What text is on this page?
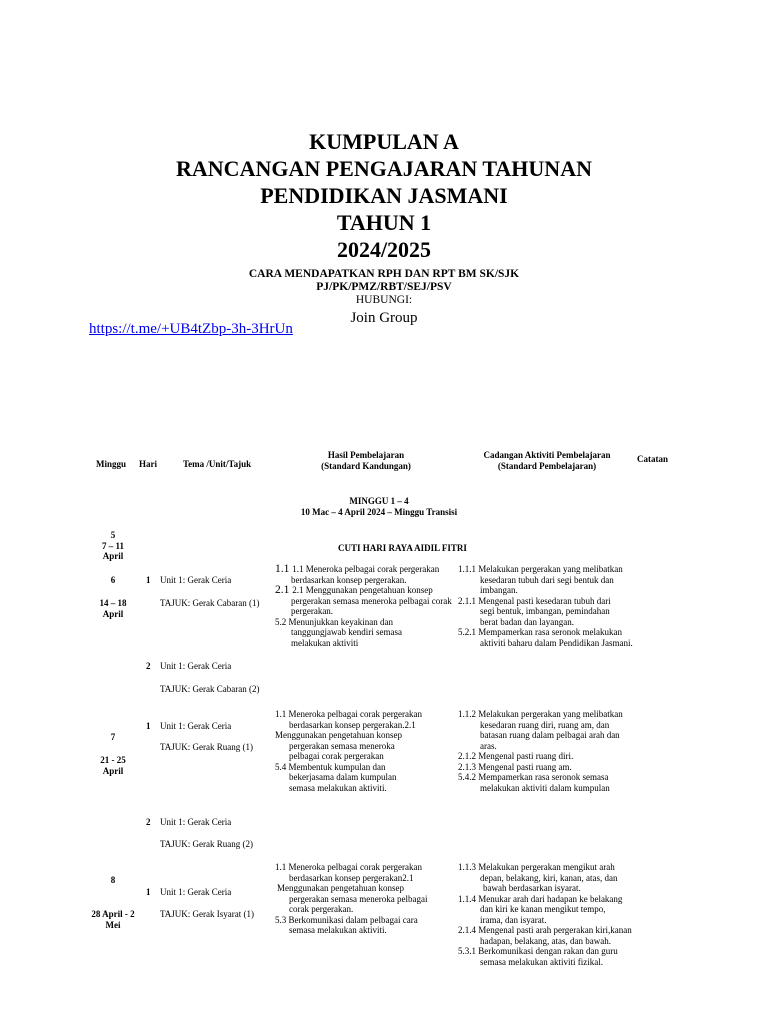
KUMPULAN A
RANCANGAN PENGAJARAN TAHUNAN
PENDIDIKAN JASMANI
TAHUN 1
2024/2025
CARA MENDAPATKAN RPH DAN RPT BM SK/SJK
PJ/PK/PMZ/RBT/SEJ/PSV
HUBUNGI:
Join Group
https://t.me/+UB4tZbp-3h-3HrUn
Minggu Hari	Tema /Unit/Tajuk
Hasil Pembelajaran
(Standard Kandungan)
Cadangan Aktiviti Pembelajaran
(Standard Pembelajaran)
Catatan
MINGGU 1 – 4
10 Mac – 4 April 2024 – Minggu Transisi
5
7 – 11
April
CUTI HARI RAYA AIDIL FITRI
6
14 – 18
April
1 Unit 1: Gerak Ceria
TAJUK: Gerak Cabaran (1)
1.1 1.1 Meneroka pelbagai corak pergerakan
berdasarkan konsep pergerakan.
2.1 2.1 Menggunakan pengetahuan konsep
pergerakan semasa meneroka pelbagai corak
pergerakan.
5.2 Menunjukkan keyakinan dan
tanggungjawab kendiri semasa
melakukan aktiviti
1.1.1 Melakukan pergerakan yang melibatkan
kesedaran tubuh dari segi bentuk dan
imbangan.
2.1.1 Mengenal pasti kesedaran tubuh dari
segi bentuk, imbangan, pemindahan
berat badan dan layangan.
5.2.1 Mempamerkan rasa seronok melakukan
aktiviti baharu dalam Pendidikan Jasmani.
2 Unit 1: Gerak Ceria
TAJUK: Gerak Cabaran (2)
7
21 - 25
April
1 Unit 1: Gerak Ceria
TAJUK: Gerak Ruang (1)
1.1 Meneroka pelbagai corak pergerakan
berdasarkan konsep pergerakan.2.1
Menggunakan pengetahuan konsep
pergerakan semasa meneroka
pelbagai corak pergerakan
5.4 Membentuk kumpulan dan
bekerjasama dalam kumpulan
semasa melakukan aktiviti.
1.1.2 Melakukan pergerakan yang melibatkan
kesedaran ruang diri, ruang am, dan
batasan ruang dalam pelbagai arah dan
aras.
2.1.2 Mengenal pasti ruang diri.
2.1.3 Mengenal pasti ruang am.
5.4.2 Mempamerkan rasa seronok semasa
melakukan aktiviti dalam kumpulan
2 Unit 1: Gerak Ceria
TAJUK: Gerak Ruang (2)
8
28 April - 2
Mei
1 Unit 1: Gerak Ceria
TAJUK: Gerak Isyarat (1)
1.1 Meneroka pelbagai corak pergerakan
berdasarkan konsep pergerakan2.1
Menggunakan pengetahuan konsep
pergerakan semasa meneroka pelbagai
corak pergerakan.
5.3 Berkomunikasi dalam pelbagai cara
semasa melakukan aktiviti.
1.1.3 Melakukan pergerakan mengikut arah
depan, belakang, kiri, kanan, atas, dan
bawah berdasarkan isyarat.
1.1.4 Menukar arah dari hadapan ke belakang
dan kiri ke kanan mengikut tempo,
irama, dan isyarat.
2.1.4 Mengenal pasti arah pergerakan kiri,kanan
hadapan, belakang, atas, dan bawah.
5.3.1 Berkomunikasi dengan rakan dan guru
semasa melakukan aktiviti fizikal.
